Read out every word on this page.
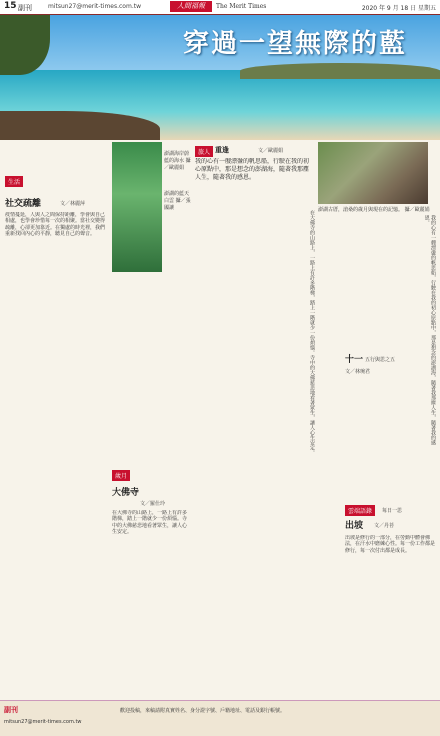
15 副刊	mitsun27@merit-times.com.tw	人間福報	The Merit Times	2020 年 9 月 18 日 星期五
穿過一望無際的藍
澎湖古厝，滄桑的歲月與現在的記憶。 攝／歐麗娟
旅人 重逢	文／歐麗娟
我的心有一艘漂盪的帆思船，行駛在我的初心原點中，那是想念的澎湖海，隨著我那塵人生，隨著我的感恩。
澎湖海岸蔚藍的海水 攝／歐麗娟
澎湖的藍天白雲 攝／張國讓
生活
社交疏離	文／林麗萍
疫情蔓延，人與人之間保持距離，學會與自己相處，也學會珍惜每一次的相聚。當社交變得疏離，心卻更加靠近。在獨處的時光裡，我們重新找回內心的平靜，聽見自己的聲音。	在大佛寺的山路上，一路上有許多階梯，踏上一階就少一份煩惱。寺中的大佛慈悲地看著眾生，讓人心生安定。	我的心有一艘漂盪的帆思船，行駛在我的初心原點中，那是想念的澎湖海，隨著我那塵人生，隨著我的感恩。
歲月
大佛寺
文／羅仕玲
在大佛寺的山路上，一路上有許多階梯，踏上一階就少一份煩惱。寺中的大佛慈悲地看著眾生，讓人心生安定。
十一 五行與思之五
文／林琬君
雲端語錄	每日一思
出坡 文／丹苔
出坡是修行的一部分，在勞動中體會佛法，在汗水中磨練心性。每一份工作都是修行，每一次付出都是成長。
副刊
mitsun27@merit-times.com.tw
歡迎投稿，來稿請附真實姓名、身分證字號、戶籍地址、電話及銀行帳號。
